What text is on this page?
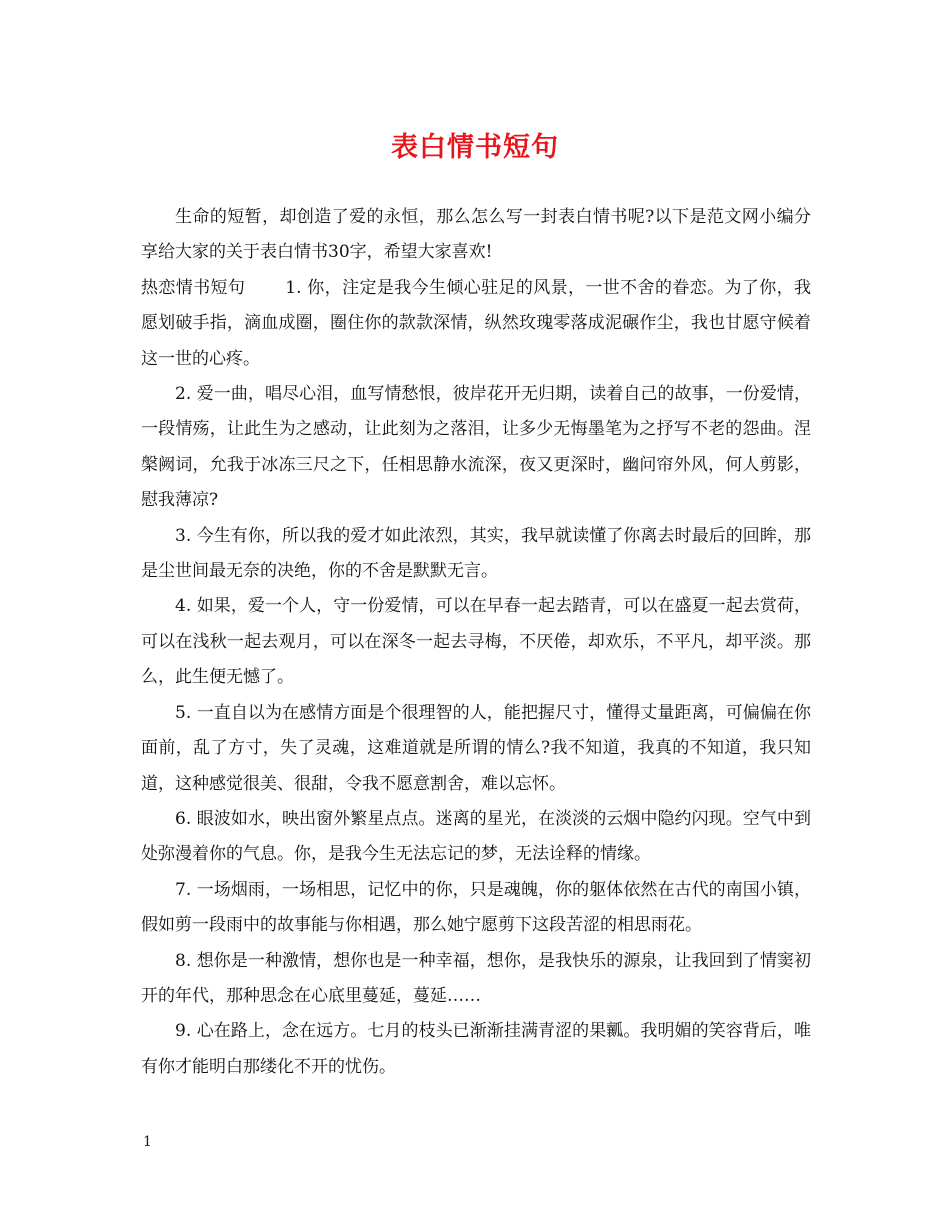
表白情书短句

生命的短暂，却创造了爱的永恒，那么怎么写一封表白情书呢?以下是范文网小编分享给大家的关于表白情书30字，希望大家喜欢!

热恋情书短句 1. 你，注定是我今生倾心驻足的风景，一世不舍的眷恋。为了你，我愿划破手指，滴血成圈，圈住你的款款深情，纵然玫瑰零落成泥碾作尘，我也甘愿守候着这一世的心疼。

2. 爱一曲，唱尽心泪，血写情愁恨，彼岸花开无归期，读着自己的故事，一份爱情，一段情殇，让此生为之感动，让此刻为之落泪，让多少无悔墨笔为之抒写不老的怨曲。涅槃阙词，允我于冰冻三尺之下，任相思静水流深，夜又更深时，幽问帘外风，何人剪影，慰我薄凉?

3. 今生有你，所以我的爱才如此浓烈，其实，我早就读懂了你离去时最后的回眸，那是尘世间最无奈的决绝，你的不舍是默默无言。

4. 如果，爱一个人，守一份爱情，可以在早春一起去踏青，可以在盛夏一起去赏荷，可以在浅秋一起去观月，可以在深冬一起去寻梅，不厌倦，却欢乐，不平凡，却平淡。那么，此生便无憾了。

5. 一直自以为在感情方面是个很理智的人，能把握尺寸，懂得丈量距离，可偏偏在你面前，乱了方寸，失了灵魂，这难道就是所谓的情么?我不知道，我真的不知道，我只知道，这种感觉很美、很甜，令我不愿意割舍，难以忘怀。

6. 眼波如水，映出窗外繁星点点。迷离的星光，在淡淡的云烟中隐约闪现。空气中到处弥漫着你的气息。你，是我今生无法忘记的梦，无法诠释的情缘。

7. 一场烟雨，一场相思，记忆中的你，只是魂魄，你的躯体依然在古代的南国小镇，假如剪一段雨中的故事能与你相遇，那么她宁愿剪下这段苦涩的相思雨花。

8. 想你是一种激情，想你也是一种幸福，想你，是我快乐的源泉，让我回到了情窦初开的年代，那种思念在心底里蔓延，蔓延……

9. 心在路上，念在远方。七月的枝头已渐渐挂满青涩的果瓤。我明媚的笑容背后，唯有你才能明白那缕化不开的忧伤。

1
